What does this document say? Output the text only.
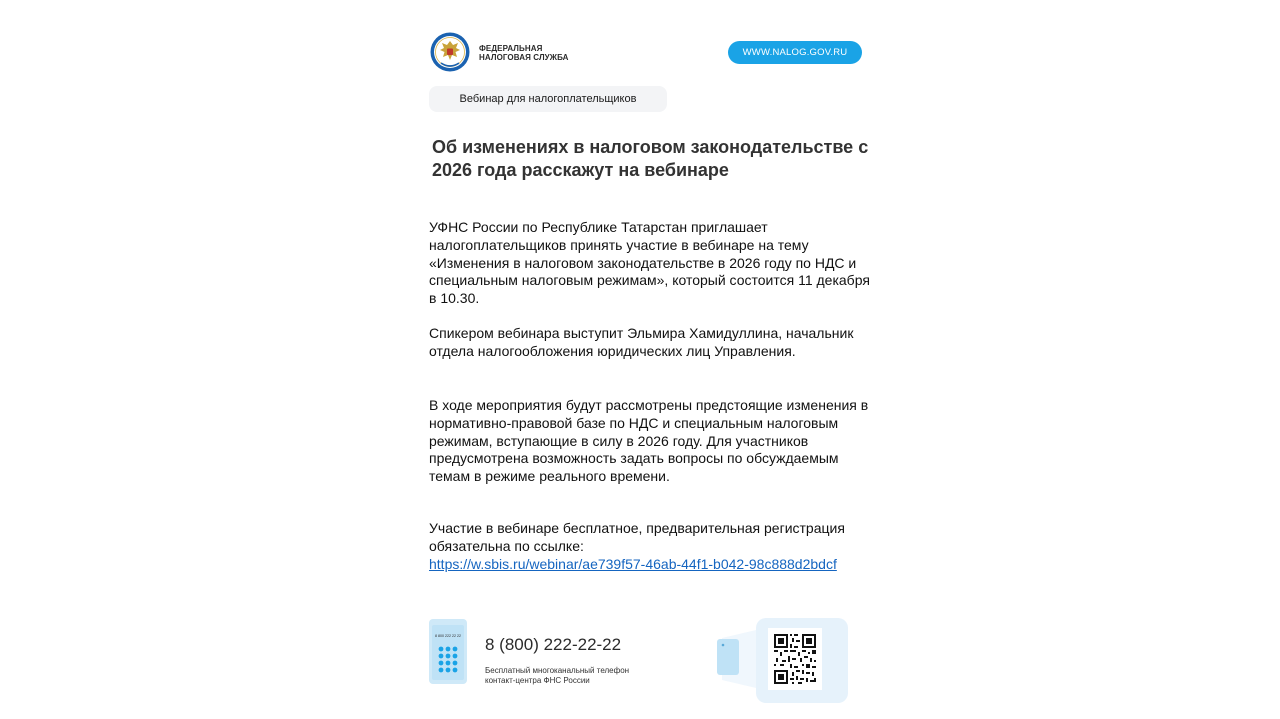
ФЕДЕРАЛЬНАЯ
НАЛОГОВАЯ СЛУЖБА	WWW.NALOG.GOV.RU
Вебинар для налогоплательщиков
Об изменениях в налоговом законодательстве с 2026 года расскажут на вебинаре

УФНС России по Республике Татарстан приглашает налогоплательщиков принять участие в вебинаре на тему «Изменения в налоговом законодательстве в 2026 году по НДС и специальным налоговым режимам», который состоится 11 декабря в 10.30.

Спикером вебинара выступит Эльмира Хамидуллина, начальник отдела налогообложения юридических лиц Управления.

В ходе мероприятия будут рассмотрены предстоящие изменения в нормативно-правовой базе по НДС и специальным налоговым режимам, вступающие в силу в 2026 году. Для участников предусмотрена возможность задать вопросы по обсуждаемым темам в режиме реального времени.

Участие в вебинаре бесплатное, предварительная регистрация обязательна по ссылке:
https://w.sbis.ru/webinar/ae739f57-46ab-44f1-b042-98c888d2bdcf
8 800 222 22 22 8 (800) 222-22-22
Бесплатный многоканальный телефон
контакт-центра ФНС России
